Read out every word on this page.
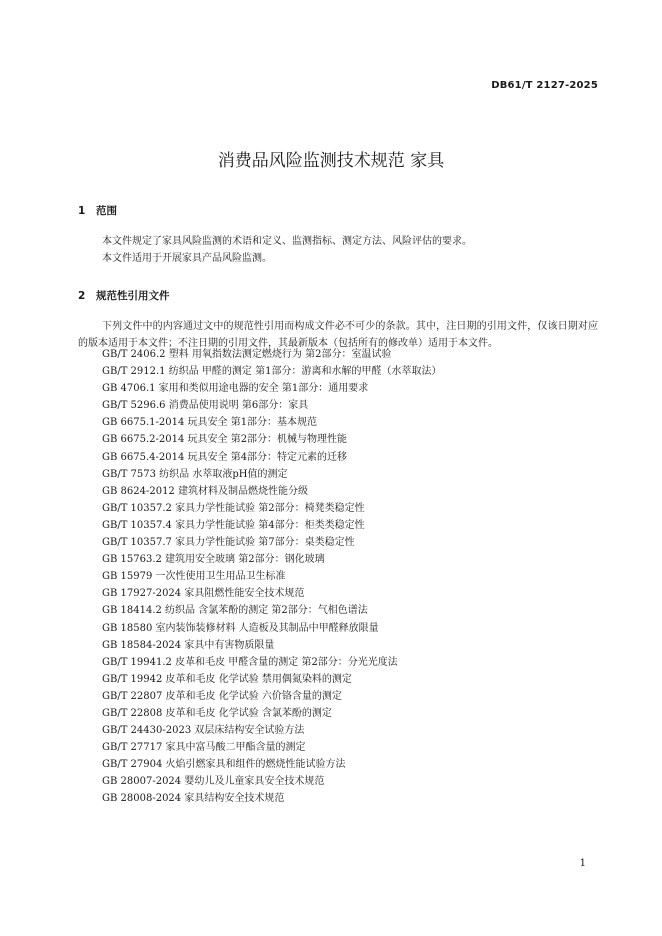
DB61/T 2127-2025
消费品风险监测技术规范 家具
1 范围
本文件规定了家具风险监测的术语和定义、监测指标、测定方法、风险评估的要求。
本文件适用于开展家具产品风险监测。
2 规范性引用文件
下列文件中的内容通过文中的规范性引用而构成文件必不可少的条款。其中，注日期的引用文件，仅该日期对应的版本适用于本文件；不注日期的引用文件，其最新版本（包括所有的修改单）适用于本文件。
GB/T 2406.2 塑料 用氧指数法测定燃烧行为 第2部分：室温试验
GB/T 2912.1 纺织品 甲醛的测定 第1部分：游离和水解的甲醛（水萃取法）
GB 4706.1 家用和类似用途电器的安全 第1部分：通用要求
GB/T 5296.6 消费品使用说明 第6部分：家具
GB 6675.1-2014 玩具安全 第1部分：基本规范
GB 6675.2-2014 玩具安全 第2部分：机械与物理性能
GB 6675.4-2014 玩具安全 第4部分：特定元素的迁移
GB/T 7573 纺织品 水萃取液pH值的测定
GB 8624-2012 建筑材料及制品燃烧性能分级
GB/T 10357.2 家具力学性能试验 第2部分：椅凳类稳定性
GB/T 10357.4 家具力学性能试验 第4部分：柜类类稳定性
GB/T 10357.7 家具力学性能试验 第7部分：桌类稳定性
GB 15763.2 建筑用安全玻璃 第2部分：钢化玻璃
GB 15979 一次性使用卫生用品卫生标准
GB 17927-2024 家具阻燃性能安全技术规范
GB 18414.2 纺织品 含氯苯酚的测定 第2部分：气相色谱法
GB 18580 室内装饰装修材料 人造板及其制品中甲醛释放限量
GB 18584-2024 家具中有害物质限量
GB/T 19941.2 皮革和毛皮 甲醛含量的测定 第2部分：分光光度法
GB/T 19942 皮革和毛皮 化学试验 禁用偶氮染料的测定
GB/T 22807 皮革和毛皮 化学试验 六价铬含量的测定
GB/T 22808 皮革和毛皮 化学试验 含氯苯酚的测定
GB/T 24430-2023 双层床结构安全试验方法
GB/T 27717 家具中富马酸二甲酯含量的测定
GB/T 27904 火焰引燃家具和组件的燃烧性能试验方法
GB 28007-2024 婴幼儿及儿童家具安全技术规范
GB 28008-2024 家具结构安全技术规范
1
